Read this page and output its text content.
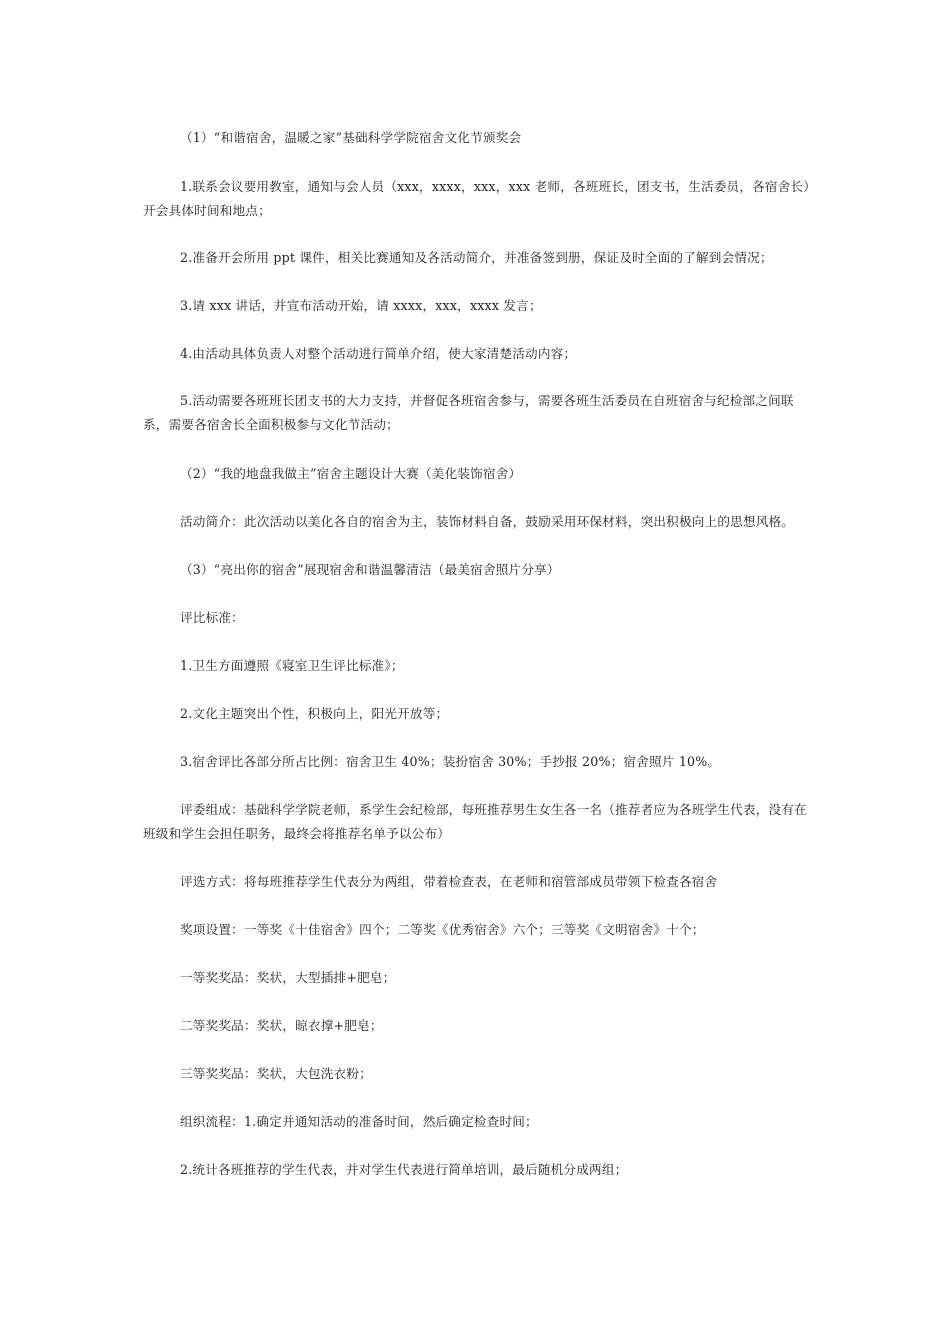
（1）“和谐宿舍，温暖之家”基础科学学院宿舍文化节颁奖会

1.联系会议要用教室，通知与会人员（xxx，xxxx，xxx，xxx 老师，各班班长，团支书，生活委员，各宿舍长）开会具体时间和地点；

2.准备开会所用 ppt 课件，相关比赛通知及各活动简介，并准备签到册，保证及时全面的了解到会情况；

3.请 xxx 讲话，并宣布活动开始，请 xxxx，xxx，xxxx 发言；

4.由活动具体负责人对整个活动进行简单介绍，使大家清楚活动内容；

5.活动需要各班班长团支书的大力支持，并督促各班宿舍参与，需要各班生活委员在自班宿舍与纪检部之间联系，需要各宿舍长全面积极参与文化节活动；

（2）“我的地盘我做主”宿舍主题设计大赛（美化装饰宿舍）

活动简介：此次活动以美化各自的宿舍为主，装饰材料自备，鼓励采用环保材料，突出积极向上的思想风格。

（3）“亮出你的宿舍”展现宿舍和谐温馨清洁（最美宿舍照片分享）

评比标准：

1.卫生方面遵照《寝室卫生评比标准》；

2.文化主题突出个性，积极向上，阳光开放等；

3.宿舍评比各部分所占比例：宿舍卫生 40%；装扮宿舍 30%；手抄报 20%；宿舍照片 10%。

评委组成：基础科学学院老师，系学生会纪检部，每班推荐男生女生各一名（推荐者应为各班学生代表，没有在班级和学生会担任职务，最终会将推荐名单予以公布）

评选方式：将每班推荐学生代表分为两组，带着检查表，在老师和宿管部成员带领下检查各宿舍

奖项设置：一等奖《十佳宿舍》四个；二等奖《优秀宿舍》六个；三等奖《文明宿舍》十个；

一等奖奖品：奖状，大型插排+肥皂；

二等奖奖品：奖状，晾衣撑+肥皂；

三等奖奖品：奖状，大包洗衣粉；

组织流程：1.确定并通知活动的准备时间，然后确定检查时间；

2.统计各班推荐的学生代表，并对学生代表进行简单培训，最后随机分成两组；
